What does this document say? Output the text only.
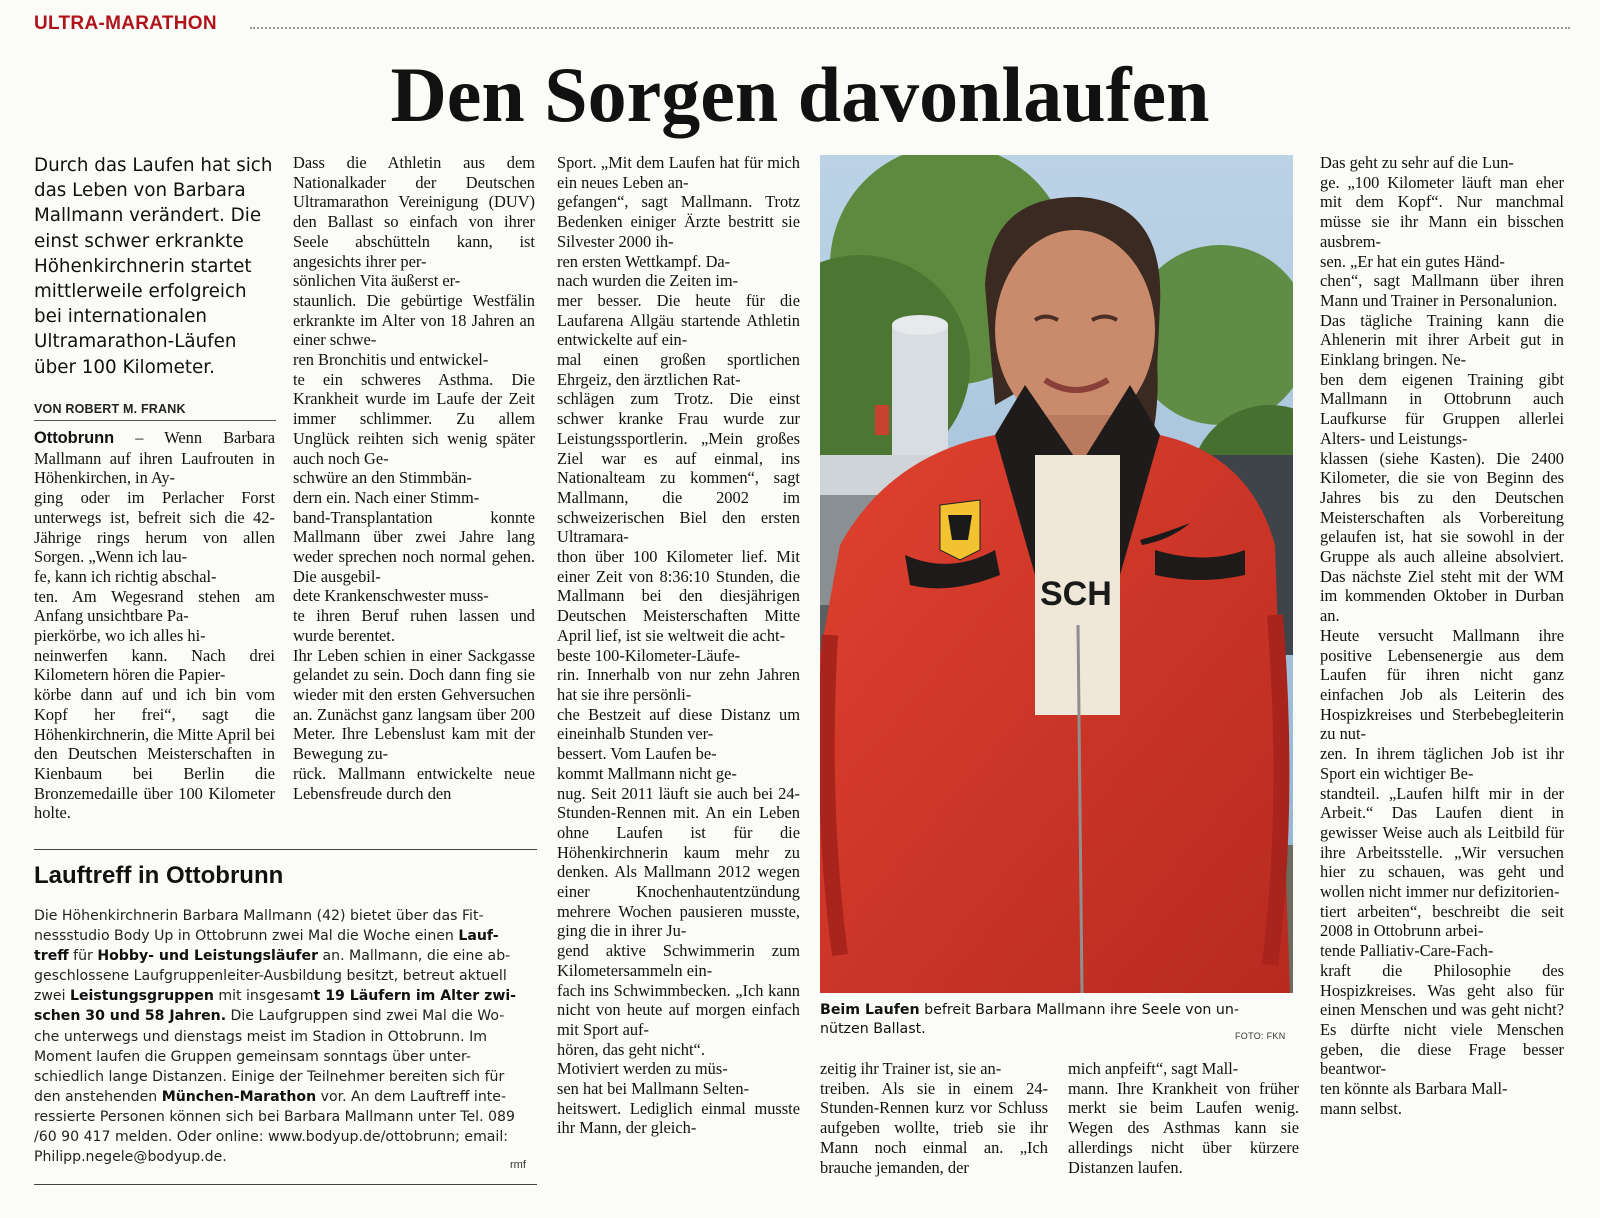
ULTRA-MARATHON
Den Sorgen davonlaufen
Durch das Laufen hat sich das Leben von Barbara Mallmann verändert. Die einst schwer erkrankte Höhenkirchnerin startet mittlerweile erfolgreich bei internationalen Ultramarathon-Läufen über 100 Kilometer.
VON ROBERT M. FRANK
Ottobrunn – Wenn Barbara Mallmann auf ihren Laufrouten in Höhenkirchen, in Ay-
ging oder im Perlacher Forst unterwegs ist, befreit sich die 42-Jährige rings herum von allen Sorgen. „Wenn ich lau-
fe, kann ich richtig abschal-
ten. Am Wegesrand stehen am Anfang unsichtbare Pa-
pierkörbe, wo ich alles hi-
neinwerfen kann. Nach drei Kilometern hören die Papier-
körbe dann auf und ich bin vom Kopf her frei“, sagt die Höhenkirchnerin, die Mitte April bei den Deutschen Meisterschaften in Kienbaum bei Berlin die Bronzemedaille über 100 Kilometer holte.
Dass die Athletin aus dem Nationalkader der Deutschen Ultramarathon Vereinigung (DUV) den Ballast so einfach von ihrer Seele abschütteln kann, ist angesichts ihrer per-
sönlichen Vita äußerst er-
staunlich. Die gebürtige Westfälin erkrankte im Alter von 18 Jahren an einer schwe-
ren Bronchitis und entwickel-
te ein schweres Asthma. Die Krankheit wurde im Laufe der Zeit immer schlimmer. Zu allem Unglück reihten sich wenig später auch noch Ge-
schwüre an den Stimmbän-
dern ein. Nach einer Stimm-
band-Transplantation konnte Mallmann über zwei Jahre lang weder sprechen noch normal gehen. Die ausgebil-
dete Krankenschwester muss-
te ihren Beruf ruhen lassen und wurde berentet.
Ihr Leben schien in einer Sackgasse gelandet zu sein. Doch dann fing sie wieder mit den ersten Gehversuchen an. Zunächst ganz langsam über 200 Meter. Ihre Lebenslust kam mit der Bewegung zu-
rück. Mallmann entwickelte neue Lebensfreude durch den
Sport. „Mit dem Laufen hat für mich ein neues Leben an-
gefangen“, sagt Mallmann. Trotz Bedenken einiger Ärzte bestritt sie Silvester 2000 ih-
ren ersten Wettkampf. Da-
nach wurden die Zeiten im-
mer besser. Die heute für die Laufarena Allgäu startende Athletin entwickelte auf ein-
mal einen großen sportlichen Ehrgeiz, den ärztlichen Rat-
schlägen zum Trotz. Die einst schwer kranke Frau wurde zur Leistungssportlerin. „Mein großes Ziel war es auf einmal, ins Nationalteam zu kommen“, sagt Mallmann, die 2002 im schweizerischen Biel den ersten Ultramara-
thon über 100 Kilometer lief. Mit einer Zeit von 8:36:10 Stunden, die Mallmann bei den diesjährigen Deutschen Meisterschaften Mitte April lief, ist sie weltweit die acht-
beste 100-Kilometer-Läufe-
rin. Innerhalb von nur zehn Jahren hat sie ihre persönli-
che Bestzeit auf diese Distanz um eineinhalb Stunden ver-
bessert. Vom Laufen be-
kommt Mallmann nicht ge-
nug. Seit 2011 läuft sie auch bei 24-Stunden-Rennen mit. An ein Leben ohne Laufen ist für die Höhenkirchnerin kaum mehr zu denken. Als Mallmann 2012 wegen einer Knochenhautentzündung mehrere Wochen pausieren musste, ging die in ihrer Ju-
gend aktive Schwimmerin zum Kilometersammeln ein-
fach ins Schwimmbecken. „Ich kann nicht von heute auf morgen einfach mit Sport auf-
hören, das geht nicht“.
Motiviert werden zu müs-
sen hat bei Mallmann Selten-
heitswert. Lediglich einmal musste ihr Mann, der gleich-
SCH
Beim Laufen befreit Barbara Mallmann ihre Seele von un- nützen Ballast.	FOTO: FKN
zeitig ihr Trainer ist, sie an-
treiben. Als sie in einem 24-Stunden-Rennen kurz vor Schluss aufgeben wollte, trieb sie ihr Mann noch einmal an. „Ich brauche jemanden, der
mich anpfeift“, sagt Mall-
mann. Ihre Krankheit von früher merkt sie beim Laufen wenig. Wegen des Asthmas kann sie allerdings nicht über kürzere Distanzen laufen.
Das geht zu sehr auf die Lun-
ge. „100 Kilometer läuft man eher mit dem Kopf“. Nur manchmal müsse sie ihr Mann ein bisschen ausbrem-
sen. „Er hat ein gutes Händ-
chen“, sagt Mallmann über ihren Mann und Trainer in Personalunion.
Das tägliche Training kann die Ahlenerin mit ihrer Arbeit gut in Einklang bringen. Ne-
ben dem eigenen Training gibt Mallmann in Ottobrunn auch Laufkurse für Gruppen allerlei Alters- und Leistungs-
klassen (siehe Kasten). Die 2400 Kilometer, die sie von Beginn des Jahres bis zu den Deutschen Meisterschaften als Vorbereitung gelaufen ist, hat sie sowohl in der Gruppe als auch alleine absolviert. Das nächste Ziel steht mit der WM im kommenden Oktober in Durban an.
Heute versucht Mallmann ihre positive Lebensenergie aus dem Laufen für ihren nicht ganz einfachen Job als Leiterin des Hospizkreises und Sterbebegleiterin zu nut-
zen. In ihrem täglichen Job ist ihr Sport ein wichtiger Be-
standteil. „Laufen hilft mir in der Arbeit.“ Das Laufen dient in gewisser Weise auch als Leitbild für ihre Arbeitsstelle. „Wir versuchen hier zu schauen, was geht und wollen nicht immer nur defizitorien-
tiert arbeiten“, beschreibt die seit 2008 in Ottobrunn arbei-
tende Palliativ-Care-Fach-
kraft die Philosophie des Hospizkreises. Was geht also für einen Menschen und was geht nicht? Es dürfte nicht viele Menschen geben, die diese Frage besser beantwor-
ten könnte als Barbara Mall-
mann selbst.
Lauftreff in Ottobrunn
Die Höhenkirchnerin Barbara Mallmann (42) bietet über das Fit-
nessstudio Body Up in Ottobrunn zwei Mal die Woche einen Lauf-
treff für Hobby- und Leistungsläufer an. Mallmann, die eine ab-
geschlossene Laufgruppenleiter-Ausbildung besitzt, betreut aktuell zwei Leistungsgruppen mit insgesamt 19 Läufern im Alter zwi-
schen 30 und 58 Jahren. Die Laufgruppen sind zwei Mal die Wo-
che unterwegs und dienstags meist im Stadion in Ottobrunn. Im Moment laufen die Gruppen gemeinsam sonntags über unter-
schiedlich lange Distanzen. Einige der Teilnehmer bereiten sich für den anstehenden München-Marathon vor. An dem Lauftreff inte-
ressierte Personen können sich bei Barbara Mallmann unter Tel. 089 /60 90 417 melden. Oder online: www.bodyup.de/ottobrunn; email: Philipp.negele@bodyup.de.	rmf
